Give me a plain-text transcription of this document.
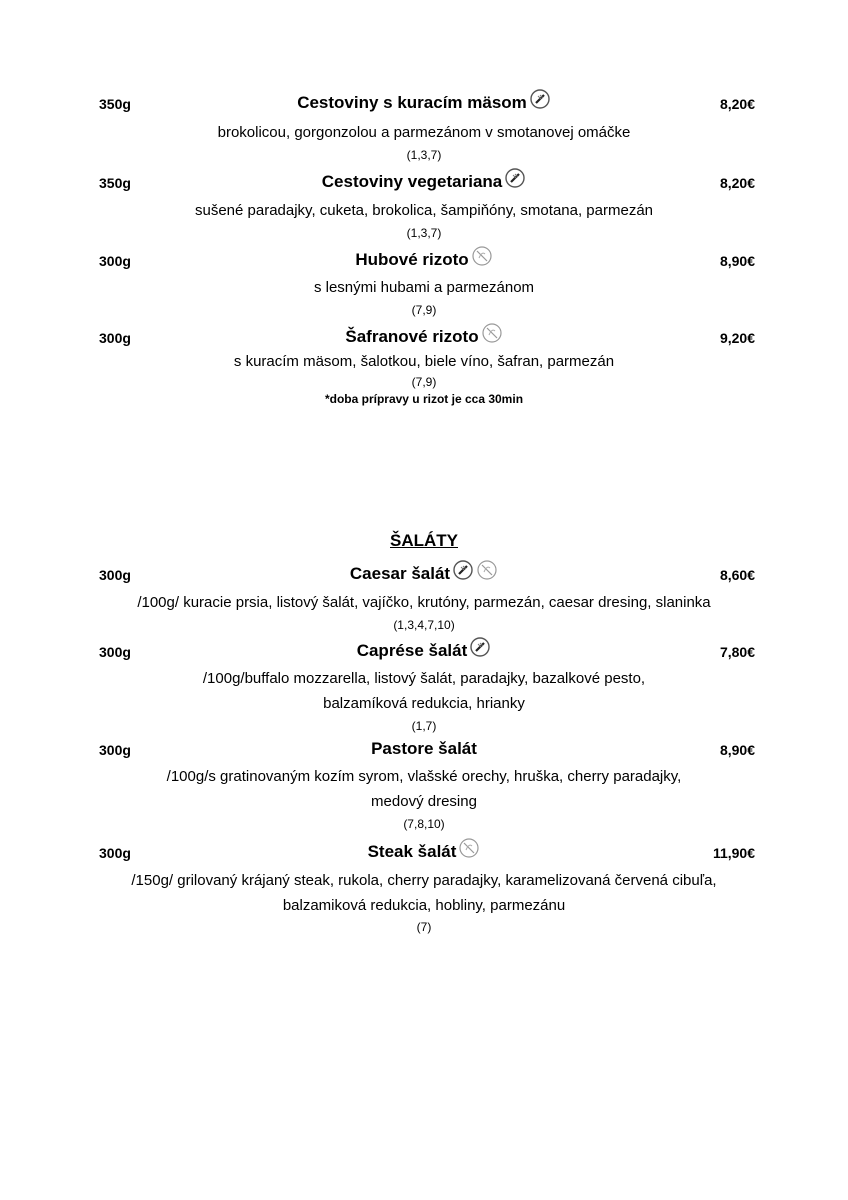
350g	Cestoviny s kuracím mäsom	8,20€
brokolicou, gorgonzolou a parmezánom v smotanovej omáčke
(1,3,7)
350g	Cestoviny vegetariana	8,20€
sušené paradajky, cuketa, brokolica, šampiňóny, smotana, parmezán
(1,3,7)
300g	Hubové rizoto	8,90€
s lesnými hubami a parmezánom
(7,9)
300g	Šafranové rizoto	9,20€
s kuracím mäsom, šalotkou, biele víno, šafran, parmezán
(7,9)
*doba prípravy u rizot je cca 30min
ŠALÁTY
300g	Caesar šalát	8,60€
/100g/ kuracie prsia, listový šalát, vajíčko, krutóny, parmezán, caesar dresing, slaninka
(1,3,4,7,10)
300g	Caprése šalát	7,80€
/100g/buffalo mozzarella, listový šalát, paradajky, bazalkové pesto,
balzamíková redukcia, hrianky
(1,7)
300g	Pastore šalát	8,90€
/100g/s gratinovaným kozím syrom, vlašské orechy, hruška, cherry paradajky,
medový dresing
(7,8,10)
300g	Steak šalát	11,90€
/150g/ grilovaný krájaný steak, rukola, cherry paradajky, karamelizovaná červená cibuľa,
balzamiková redukcia, hobliny, parmezánu
(7)
